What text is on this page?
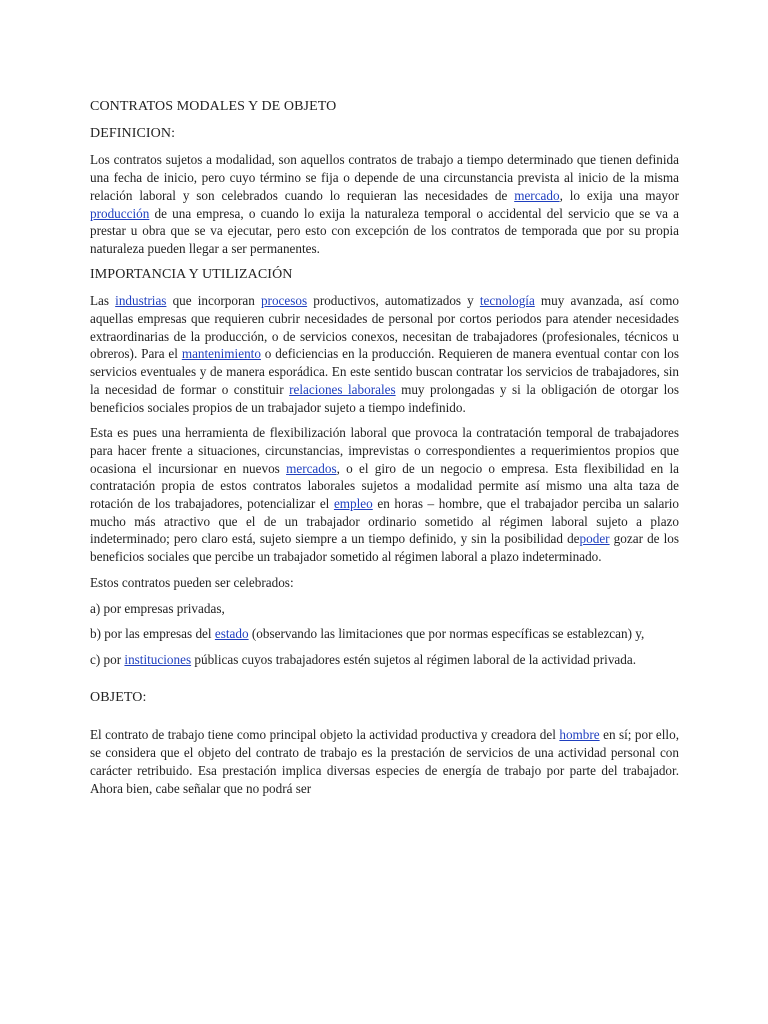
CONTRATOS MODALES Y DE OBJETO
DEFINICION:

Los contratos sujetos a modalidad, son aquellos contratos de trabajo a tiempo determinado que tienen definida una fecha de inicio, pero cuyo término se fija o depende de una circunstancia prevista al inicio de la misma relación laboral y son celebrados cuando lo requieran las necesidades de mercado, lo exija una mayor producción de una empresa, o cuando lo exija la naturaleza temporal o accidental del servicio que se va a prestar u obra que se va ejecutar, pero esto con excepción de los contratos de temporada que por su propia naturaleza pueden llegar a ser permanentes.

IMPORTANCIA Y UTILIZACIÓN

Las industrias que incorporan procesos productivos, automatizados y tecnología muy avanzada, así como aquellas empresas que requieren cubrir necesidades de personal por cortos periodos para atender necesidades extraordinarias de la producción, o de servicios conexos, necesitan de trabajadores (profesionales, técnicos u obreros). Para el mantenimiento o deficiencias en la producción. Requieren de manera eventual contar con los servicios eventuales y de manera esporádica. En este sentido buscan contratar los servicios de trabajadores, sin la necesidad de formar o constituir relaciones laborales muy prolongadas y si la obligación de otorgar los beneficios sociales propios de un trabajador sujeto a tiempo indefinido.

Esta es pues una herramienta de flexibilización laboral que provoca la contratación temporal de trabajadores para hacer frente a situaciones, circunstancias, imprevistas o correspondientes a requerimientos propios que ocasiona el incursionar en nuevos mercados, o el giro de un negocio o empresa. Esta flexibilidad en la contratación propia de estos contratos laborales sujetos a modalidad permite así mismo una alta taza de rotación de los trabajadores, potencializar el empleo en horas – hombre, que el trabajador perciba un salario mucho más atractivo que el de un trabajador ordinario sometido al régimen laboral sujeto a plazo indeterminado; pero claro está, sujeto siempre a un tiempo definido, y sin la posibilidad depoder gozar de los beneficios sociales que percibe un trabajador sometido al régimen laboral a plazo indeterminado.

Estos contratos pueden ser celebrados:

a) por empresas privadas,

b) por las empresas del estado (observando las limitaciones que por normas específicas se establezcan) y,

c) por instituciones públicas cuyos trabajadores estén sujetos al régimen laboral de la actividad privada.

OBJETO:

El contrato de trabajo tiene como principal objeto la actividad productiva y creadora del hombre en sí; por ello, se considera que el objeto del contrato de trabajo es la prestación de servicios de una actividad personal con carácter retribuido. Esa prestación implica diversas especies de energía de trabajo por parte del trabajador. Ahora bien, cabe señalar que no podrá ser
